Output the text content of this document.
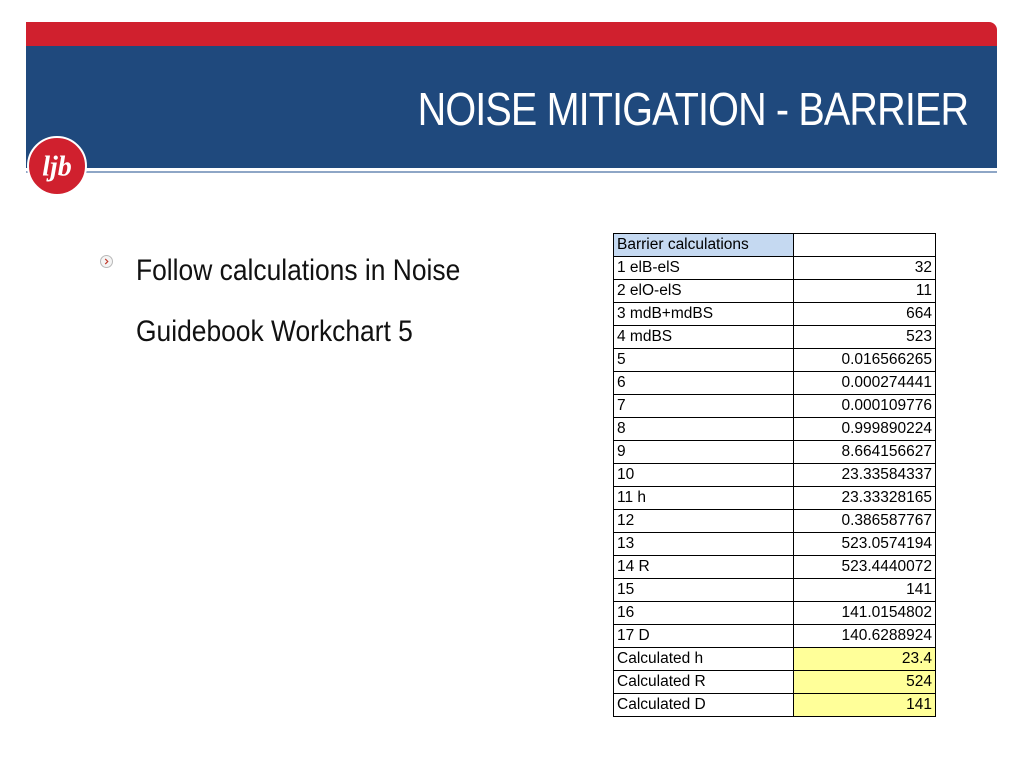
NOISE MITIGATION - BARRIER
ljb
Follow calculations in Noise Guidebook Workchart 5
Barrier calculations	
1 elB-elS	32
2 elO-elS	11
3 mdB+mdBS	664
4 mdBS	523
5	0.016566265
6	0.000274441
7	0.000109776
8	0.999890224
9	8.664156627
10	23.33584337
11 h	23.33328165
12	0.386587767
13	523.0574194
14 R	523.4440072
15	141
16	141.0154802
17 D	140.6288924
Calculated h	23.4
Calculated R	524
Calculated D	141
